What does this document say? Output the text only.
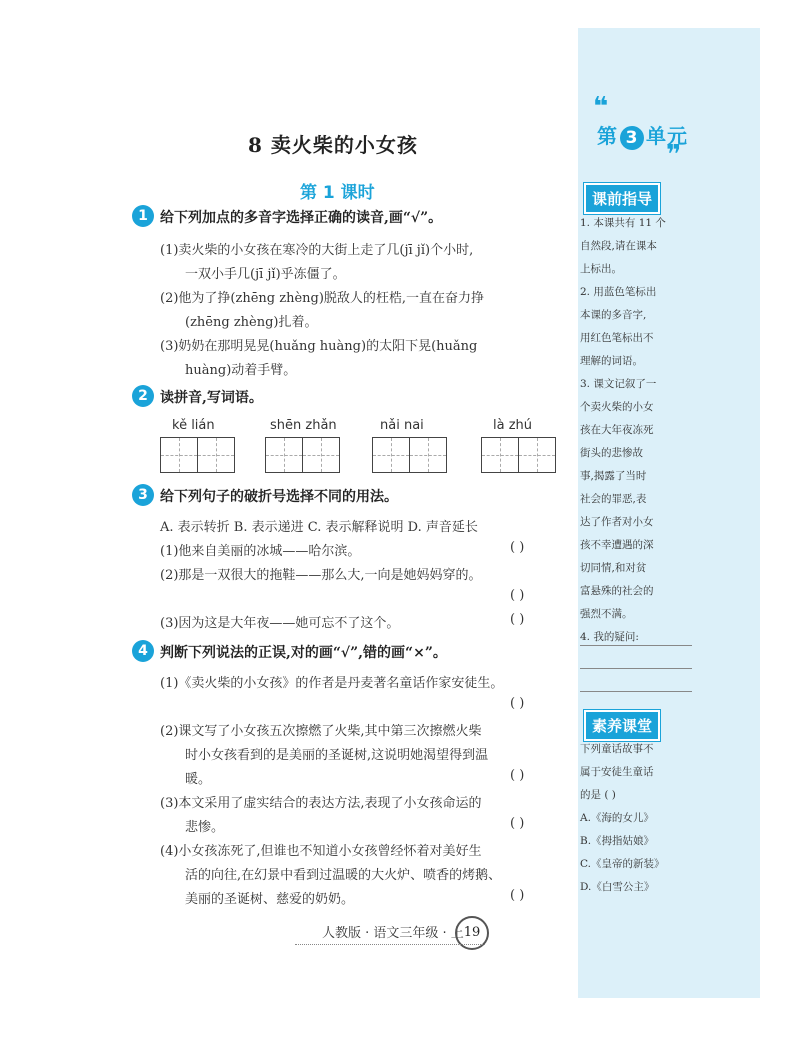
❝
第 3 单元
❞
课前指导
1. 本课共有 11 个
自然段,请在课本
上标出。
2. 用蓝色笔标出
本课的多音字,
用红色笔标出不
理解的词语。
3. 课文记叙了一
个卖火柴的小女
孩在大年夜冻死
街头的悲惨故
事,揭露了当时
社会的罪恶,表
达了作者对小女
孩不幸遭遇的深
切同情,和对贫
富悬殊的社会的
强烈不满。
4. 我的疑问:
素养课堂
下列童话故事不
属于安徒生童话
的是 ( )
A.《海的女儿》
B.《拇指姑娘》
C.《皇帝的新装》
D.《白雪公主》
8 卖火柴的小女孩
第 1 课时
1 给下列加点的多音字选择正确的读音,画“√”。
(1)卖火柴的小女孩在寒冷的大街上走了几(jī jǐ)个小时,
一双小手几(jī jǐ)乎冻僵了。
(2)他为了挣(zhēng zhèng)脱敌人的枉梏,一直在奋力挣
(zhēng zhèng)扎着。
(3)奶奶在那明晃晃(huǎng huàng)的太阳下晃(huǎng
huàng)动着手臂。
2 读拼音,写词语。
kě lián	shēn zhǎn	nǎi nai	là zhú
3 给下列句子的破折号选择不同的用法。
A. 表示转折 B. 表示递进 C. 表示解释说明 D. 声音延长
(1)他来自美丽的冰城——哈尔滨。	( )
(2)那是一双很大的拖鞋——那么大,一向是她妈妈穿的。
( )
(3)因为这是大年夜——她可忘不了这个。	( )
4 判断下列说法的正误,对的画“√”,错的画“×”。
(1)《卖火柴的小女孩》的作者是丹麦著名童话作家安徒生。
( )
(2)课文写了小女孩五次擦燃了火柴,其中第三次擦燃火柴
时小女孩看到的是美丽的圣诞树,这说明她渴望得到温
暖。	( )
(3)本文采用了虚实结合的表达方法,表现了小女孩命运的
悲惨。	( )
(4)小女孩冻死了,但谁也不知道小女孩曾经怀着对美好生
活的向往,在幻景中看到过温暖的大火炉、喷香的烤鹅、
美丽的圣诞树、慈爱的奶奶。	( )
人教版 · 语文三年级 · 上 19
